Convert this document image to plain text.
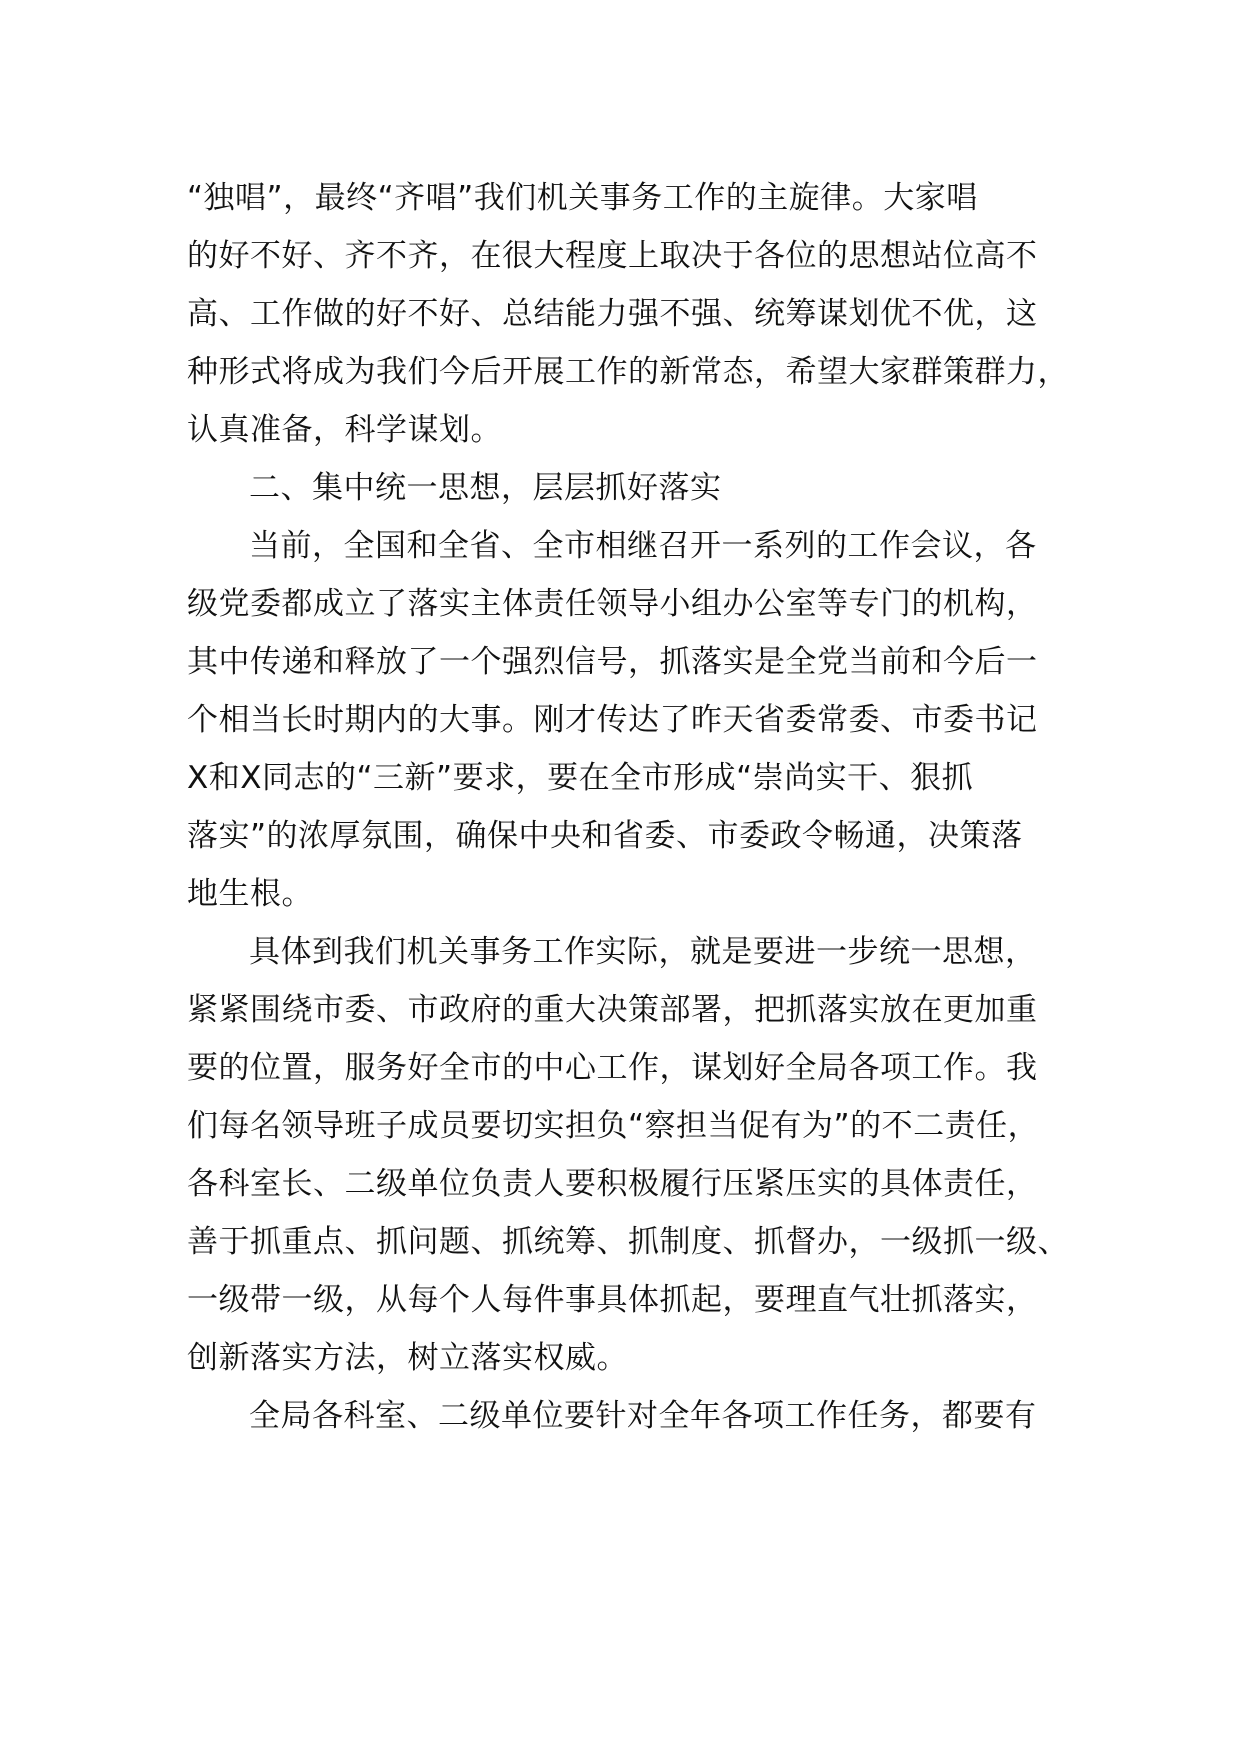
“独唱”，最终“齐唱”我们机关事务工作的主旋律。大家唱
的好不好、齐不齐，在很大程度上取决于各位的思想站位高不
高、工作做的好不好、总结能力强不强、统筹谋划优不优，这
种形式将成为我们今后开展工作的新常态，希望大家群策群力，
认真准备，科学谋划。
二、集中统一思想，层层抓好落实
当前，全国和全省、全市相继召开一系列的工作会议，各
级党委都成立了落实主体责任领导小组办公室等专门的机构，
其中传递和释放了一个强烈信号，抓落实是全党当前和今后一
个相当长时期内的大事。刚才传达了昨天省委常委、市委书记
X和X同志的“三新”要求，要在全市形成“崇尚实干、狠抓
落实”的浓厚氛围，确保中央和省委、市委政令畅通，决策落
地生根。
具体到我们机关事务工作实际，就是要进一步统一思想，
紧紧围绕市委、市政府的重大决策部署，把抓落实放在更加重
要的位置，服务好全市的中心工作，谋划好全局各项工作。我
们每名领导班子成员要切实担负“察担当促有为”的不二责任，
各科室长、二级单位负责人要积极履行压紧压实的具体责任，
善于抓重点、抓问题、抓统筹、抓制度、抓督办，一级抓一级、
一级带一级，从每个人每件事具体抓起，要理直气壮抓落实，
创新落实方法，树立落实权威。
全局各科室、二级单位要针对全年各项工作任务，都要有
